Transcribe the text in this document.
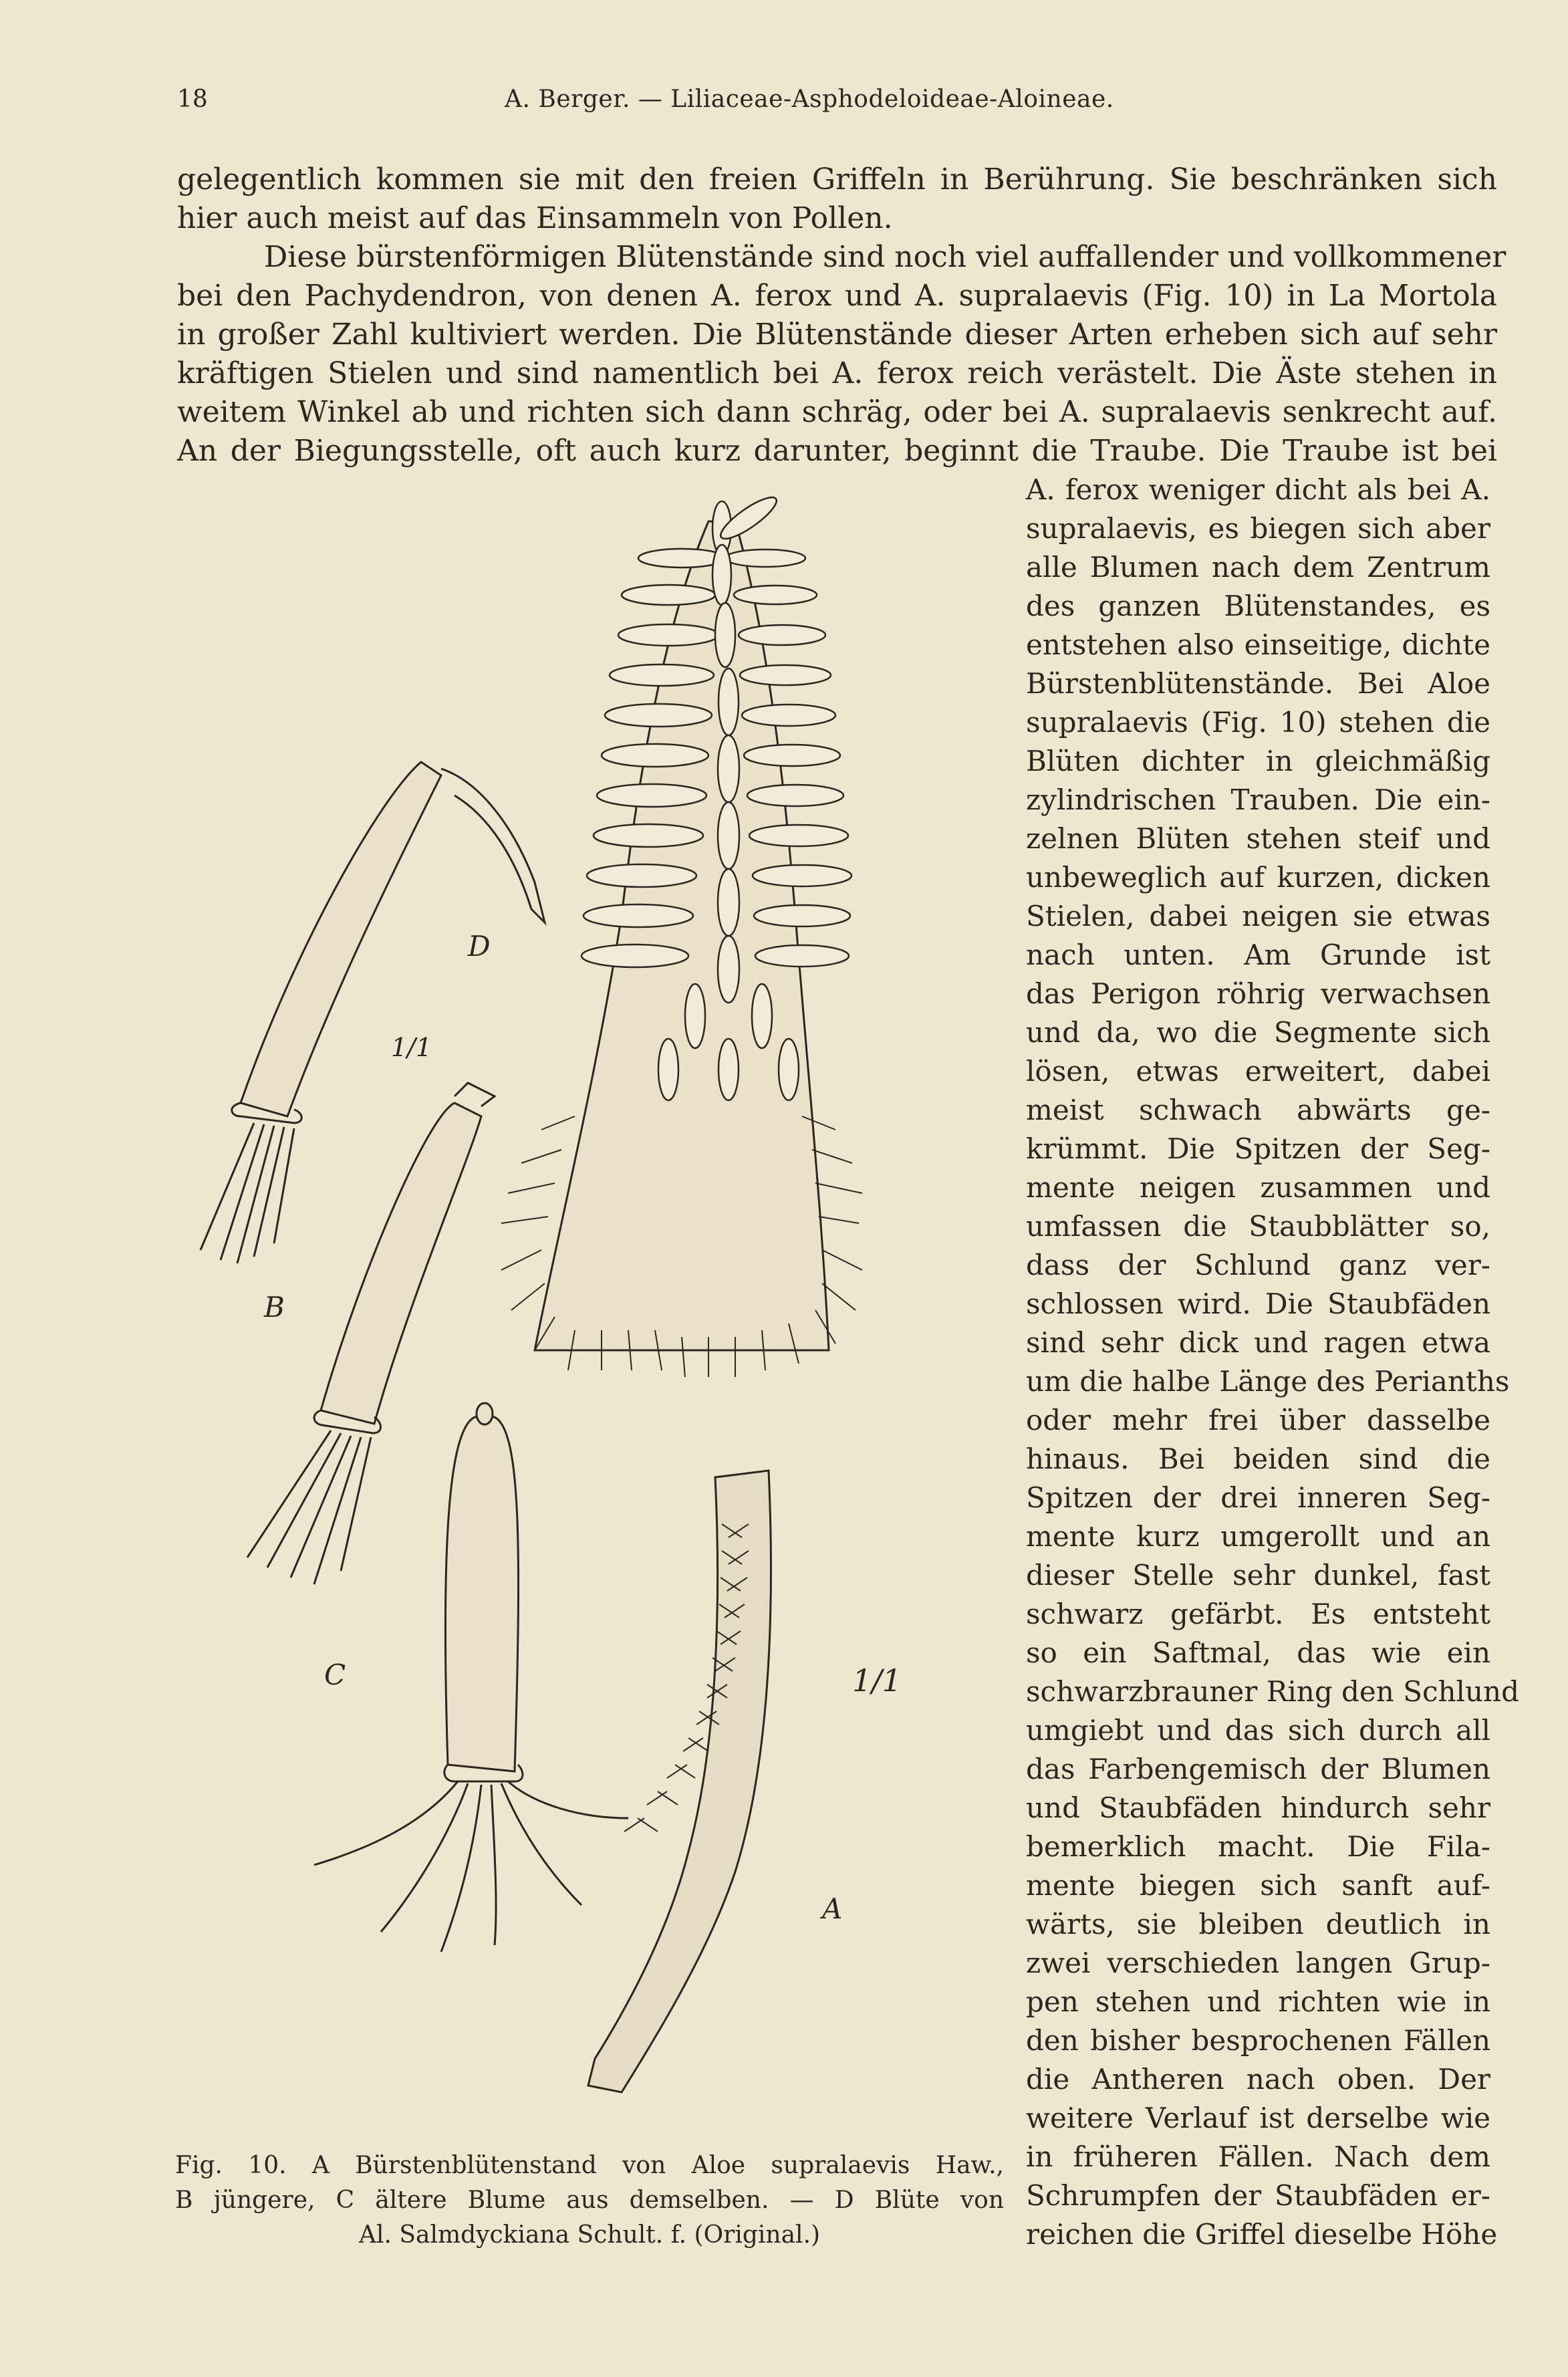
18	A. Berger. — Liliaceae-Asphodeloideae-Aloineae.
gelegentlich kommen sie mit den freien Griffeln in Berührung. Sie beschränken sich
hier auch meist auf das Einsammeln von Pollen.
Diese bürstenförmigen Blütenstände sind noch viel auffallender und vollkommener
bei den Pachydendron, von denen A. ferox und A. supralaevis (Fig. 10) in La Mortola
in großer Zahl kultiviert werden. Die Blütenstände dieser Arten erheben sich auf sehr
kräftigen Stielen und sind namentlich bei A. ferox reich verästelt. Die Äste stehen in
weitem Winkel ab und richten sich dann schräg, oder bei A. supralaevis senkrecht auf.
An der Biegungsstelle, oft auch kurz darunter, beginnt die Traube. Die Traube ist bei
A. ferox weniger dicht als bei A.
supralaevis, es biegen sich aber
alle Blumen nach dem Zentrum
des ganzen Blütenstandes, es
entstehen also einseitige, dichte
Bürstenblütenstände. Bei Aloe
supralaevis (Fig. 10) stehen die
Blüten dichter in gleichmäßig
zylindrischen Trauben. Die ein-
zelnen Blüten stehen steif und
unbeweglich auf kurzen, dicken
Stielen, dabei neigen sie etwas
nach unten. Am Grunde ist
das Perigon röhrig verwachsen
und da, wo die Segmente sich
lösen, etwas erweitert, dabei
meist schwach abwärts ge-
krümmt. Die Spitzen der Seg-
mente neigen zusammen und
umfassen die Staubblätter so,
dass der Schlund ganz ver-
schlossen wird. Die Staubfäden
sind sehr dick und ragen etwa
um die halbe Länge des Perianths
oder mehr frei über dasselbe
hinaus. Bei beiden sind die
Spitzen der drei inneren Seg-
mente kurz umgerollt und an
dieser Stelle sehr dunkel, fast
schwarz gefärbt. Es entsteht
so ein Saftmal, das wie ein
schwarzbrauner Ring den Schlund
umgiebt und das sich durch all
das Farbengemisch der Blumen
und Staubfäden hindurch sehr
bemerklich macht. Die Fila-
mente biegen sich sanft auf-
wärts, sie bleiben deutlich in
zwei verschieden langen Grup-
pen stehen und richten wie in
den bisher besprochenen Fällen
die Antheren nach oben. Der
weitere Verlauf ist derselbe wie
in früheren Fällen. Nach dem
Schrumpfen der Staubfäden er-
reichen die Griffel dieselbe Höhe
D
B
C
A
1/1
1/1
Fig. 10. A Bürstenblütenstand von Aloe supralaevis Haw.,
B jüngere, C ältere Blume aus demselben. — D Blüte von
Al. Salmdyckiana Schult. f. (Original.)
